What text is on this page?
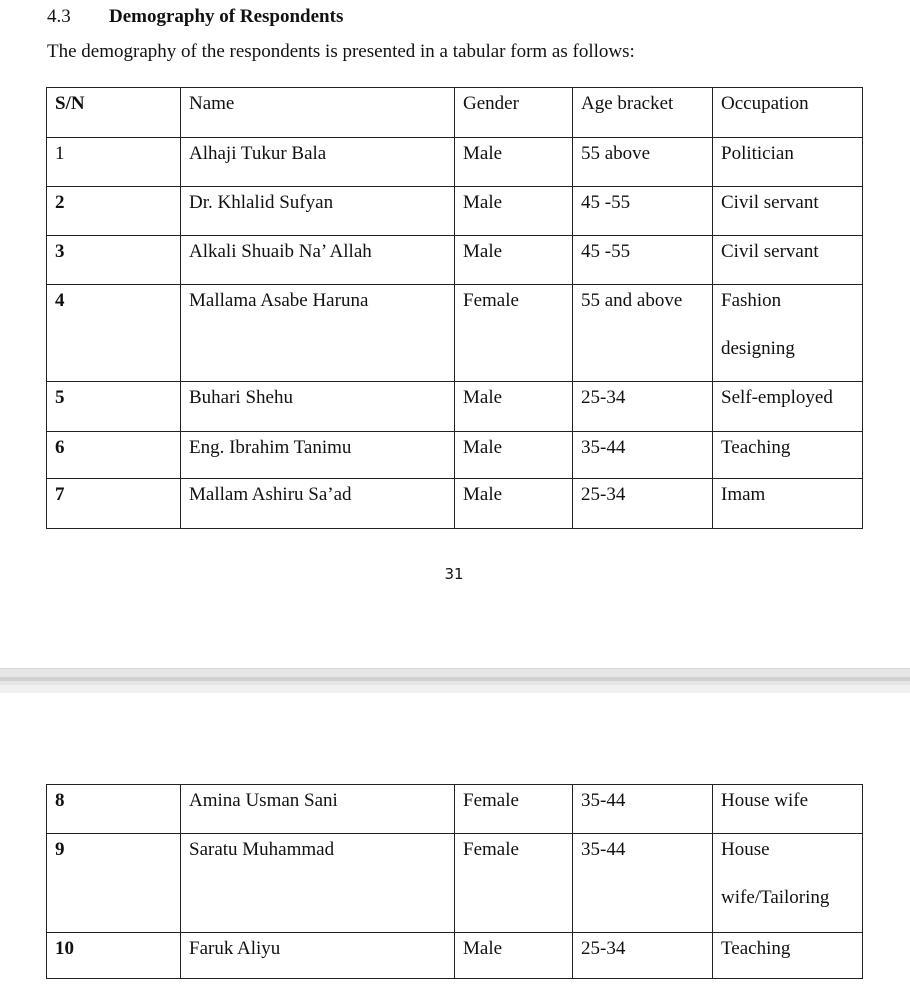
4.3 Demography of Respondents
The demography of the respondents is presented in a tabular form as follows:
S/N	Name	Gender	Age bracket	Occupation

1	Alhaji Tukur Bala	Male	55 above	Politician

2	Dr. Khlalid Sufyan	Male	45 -55	Civil servant

3	Alkali Shuaib Na’ Allah	Male	45 -55	Civil servant

4	Mallama Asabe Haruna	Female	55 and above	Fashion designing

5	Buhari Shehu	Male	25-34	Self-employed

6	Eng. Ibrahim Tanimu	Male	35-44	Teaching

7	Mallam Ashiru Sa’ad	Male	25-34	Imam
31
8	Amina Usman Sani	Female	35-44	House wife

9	Saratu Muhammad	Female	35-44	House wife/Tailoring

10	Faruk Aliyu	Male	25-34	Teaching
